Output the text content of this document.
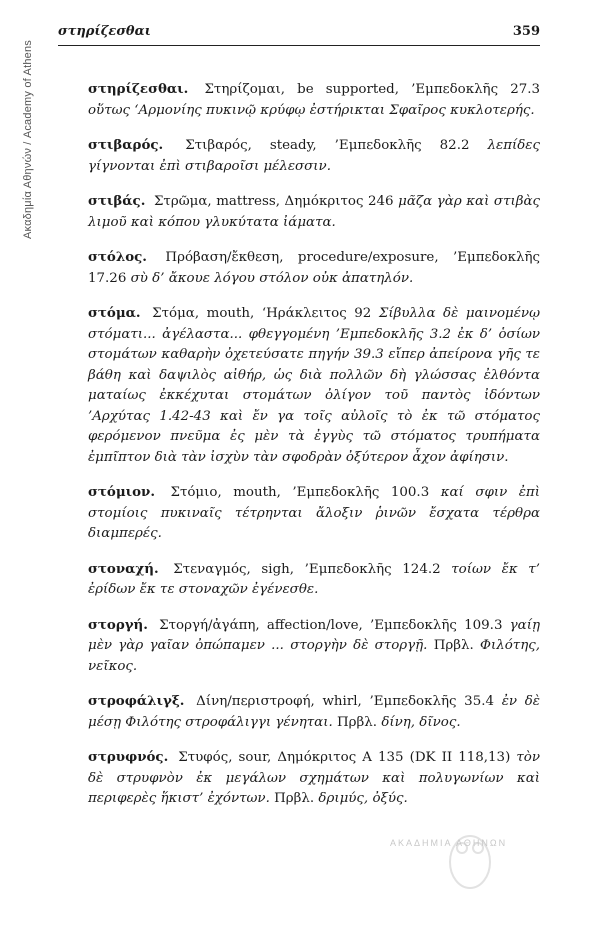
Ακαδημία Αθηνών / Academy of Athens
στηρίζεσθαι	359

στηρίζεσθαι. Στηρίζομαι, be supported, ’Εμπεδοκλῆς 27.3 οὕτως ‘Αρμονίης πυκινῷ κρύφῳ ἐστήρικται Σφαῖρος κυκλοτερής.

στιβαρός. Στιβαρός, steady, ’Εμπεδοκλῆς 82.2 λεπίδες γίγνονται ἐπὶ στιβαροῖσι μέλεσσιν.

στιβάς. Στρῶμα, mattress, Δημόκριτος 246 μᾶζα γὰρ καὶ στιβὰς λιμοῦ καὶ κόπου γλυκύτατα ἰάματα.

στόλος. Πρόβαση/ἔκθεση, procedure/exposure, ’Εμπεδοκλῆς 17.26 σὺ δ’ ἄκουε λόγου στόλον οὐκ ἀπατηλόν.

στόμα. Στόμα, mouth, ‘Ηράκλειτος 92 Σίβυλλα δὲ μαινομένῳ στόματι... ἀγέλαστα... φθεγγομένη ’Εμπεδοκλῆς 3.2 ἐκ δ’ ὁσίων στομάτων καθαρὴν ὀχετεύσατε πηγήν 39.3 εἴπερ ἀπείρονα γῆς τε βάθη καὶ δαψιλὸς αἰθήρ, ὡς διὰ πολλῶν δὴ γλώσσας ἐλθόντα ματαίως ἐκκέχυται στομάτων ὀλίγον τοῦ παντὸς ἰδόντων ’Αρχύτας 1.42-43 καὶ ἔν γα τοῖς αὐλοῖς τὸ ἐκ τῶ στόματος φερόμενον πνεῦμα ἐς μὲν τὰ ἐγγὺς τῶ στόματος τρυπήματα ἐμπῖπτον διὰ τὰν ἰσχὺν τὰν σφοδρὰν ὀξύτερον ἆχον ἀφίησιν.

στόμιον. Στόμιο, mouth, ’Εμπεδοκλῆς 100.3 καί σφιν ἐπὶ στομίοις πυκιναῖς τέτρηνται ἄλοξιν ῥινῶν ἔσχατα τέρθρα διαμπερές.

στοναχή. Στεναγμός, sigh, ’Εμπεδοκλῆς 124.2 τοίων ἔκ τ’ ἐρίδων ἔκ τε στοναχῶν ἐγένεσθε.

στοργή. Στοργή/ἀγάπη, affection/love, ’Εμπεδοκλῆς 109.3 γαίῃ μὲν γὰρ γαῖαν ὀπώπαμεν ... στοργὴν δὲ στοργῇ. Πρβλ. Φιλότης, νεῖκος.

στροφάλιγξ. Δίνη/περιστροφή, whirl, ’Εμπεδοκλῆς 35.4 ἐν δὲ μέσῃ Φιλότης στροφάλιγγι γένηται. Πρβλ. δίνη, δῖνος.

στρυφνός. Στυφός, sour, Δημόκριτος Α 135 (DK II 118,13) τὸν δὲ στρυφνὸν ἐκ μεγάλων σχημάτων καὶ πολυγωνίων καὶ περιφερὲς ἥκιστ’ ἐχόντων. Πρβλ. δριμύς, ὀξύς.

ΑΚΑΔΗΜΙΑ ΑΘΗΝΩΝ
